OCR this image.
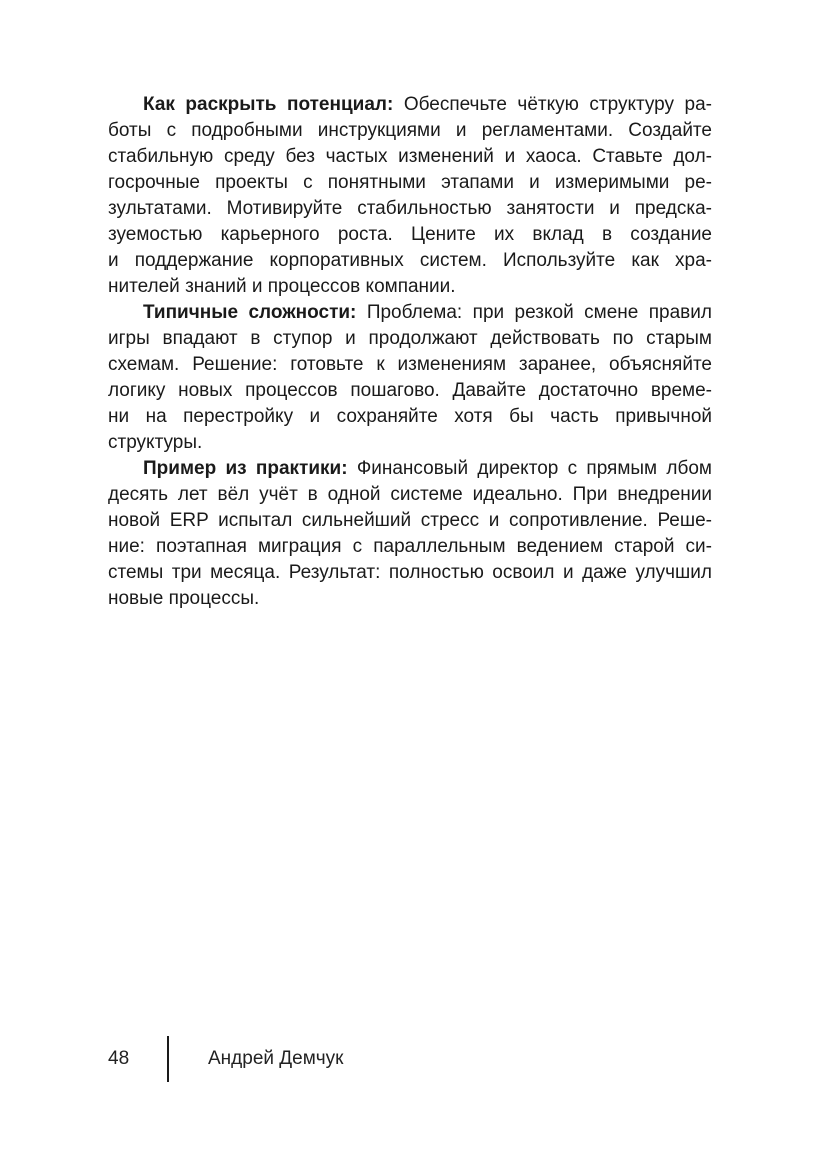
Как раскрыть потенциал: Обеспечьте чёткую структуру ра-
боты с подробными инструкциями и регламентами. Создайте
стабильную среду без частых изменений и хаоса. Ставьте дол-
госрочные проекты с понятными этапами и измеримыми ре-
зультатами. Мотивируйте стабильностью занятости и предска-
зуемостью карьерного роста. Цените их вклад в создание
и поддержание корпоративных систем. Используйте как хра-
нителей знаний и процессов компании.
Типичные сложности: Проблема: при резкой смене правил
игры впадают в ступор и продолжают действовать по старым
схемам. Решение: готовьте к изменениям заранее, объясняйте
логику новых процессов пошагово. Давайте достаточно време-
ни на перестройку и сохраняйте хотя бы часть привычной
структуры.
Пример из практики: Финансовый директор с прямым лбом
десять лет вёл учёт в одной системе идеально. При внедрении
новой ERP испытал сильнейший стресс и сопротивление. Реше-
ние: поэтапная миграция с параллельным ведением старой си-
стемы три месяца. Результат: полностью освоил и даже улучшил
новые процессы.
48	Андрей Демчук
